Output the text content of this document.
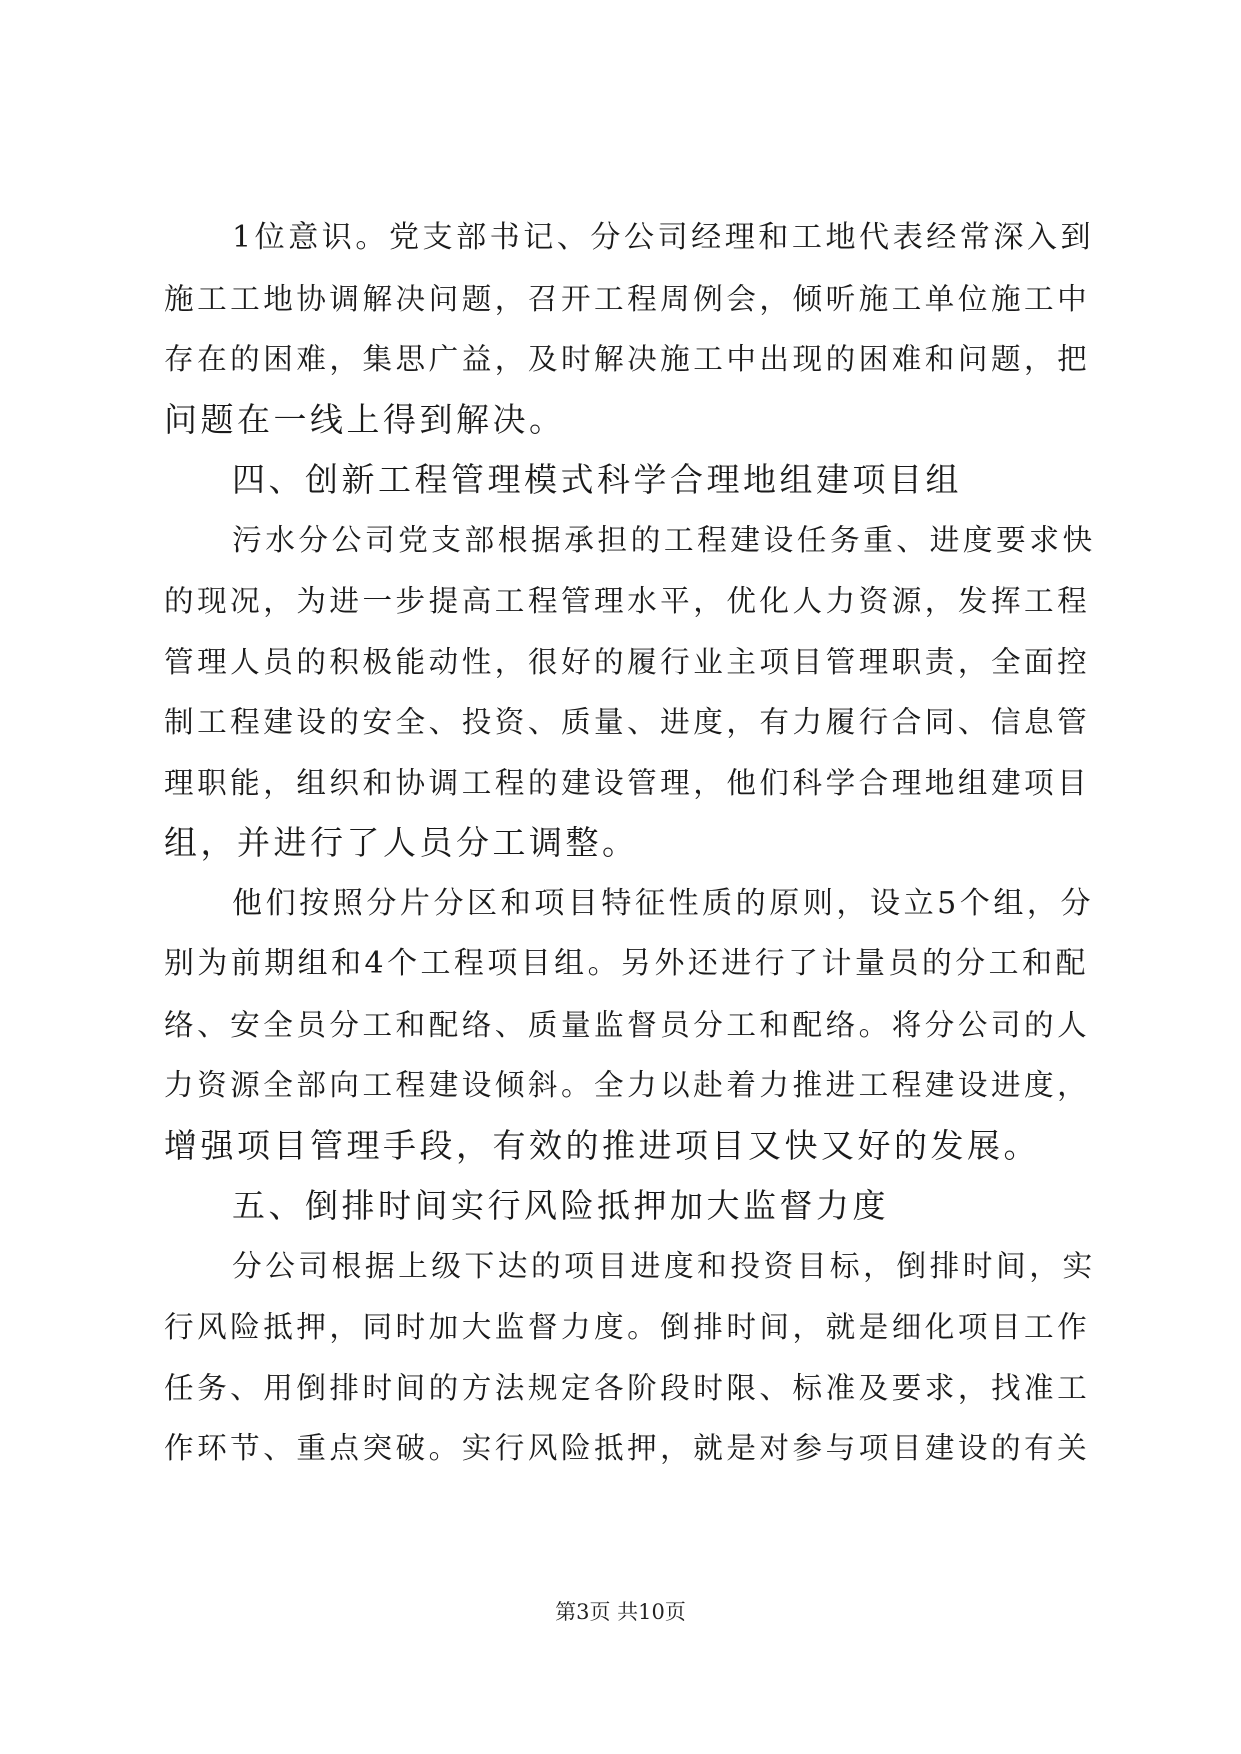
1位意识。党支部书记、分公司经理和工地代表经常深入到
施工工地协调解决问题，召开工程周例会，倾听施工单位施工中
存在的困难，集思广益，及时解决施工中出现的困难和问题，把
问题在一线上得到解决。
四、创新工程管理模式科学合理地组建项目组
污水分公司党支部根据承担的工程建设任务重、进度要求快
的现况，为进一步提高工程管理水平，优化人力资源，发挥工程
管理人员的积极能动性，很好的履行业主项目管理职责，全面控
制工程建设的安全、投资、质量、进度，有力履行合同、信息管
理职能，组织和协调工程的建设管理，他们科学合理地组建项目
组，并进行了人员分工调整。
他们按照分片分区和项目特征性质的原则，设立5个组，分
别为前期组和4个工程项目组。另外还进行了计量员的分工和配
络、安全员分工和配络、质量监督员分工和配络。将分公司的人
力资源全部向工程建设倾斜。全力以赴着力推进工程建设进度，
增强项目管理手段，有效的推进项目又快又好的发展。
五、倒排时间实行风险抵押加大监督力度
分公司根据上级下达的项目进度和投资目标，倒排时间，实
行风险抵押，同时加大监督力度。倒排时间，就是细化项目工作
任务、用倒排时间的方法规定各阶段时限、标准及要求，找准工
作环节、重点突破。实行风险抵押，就是对参与项目建设的有关
第3页 共10页
